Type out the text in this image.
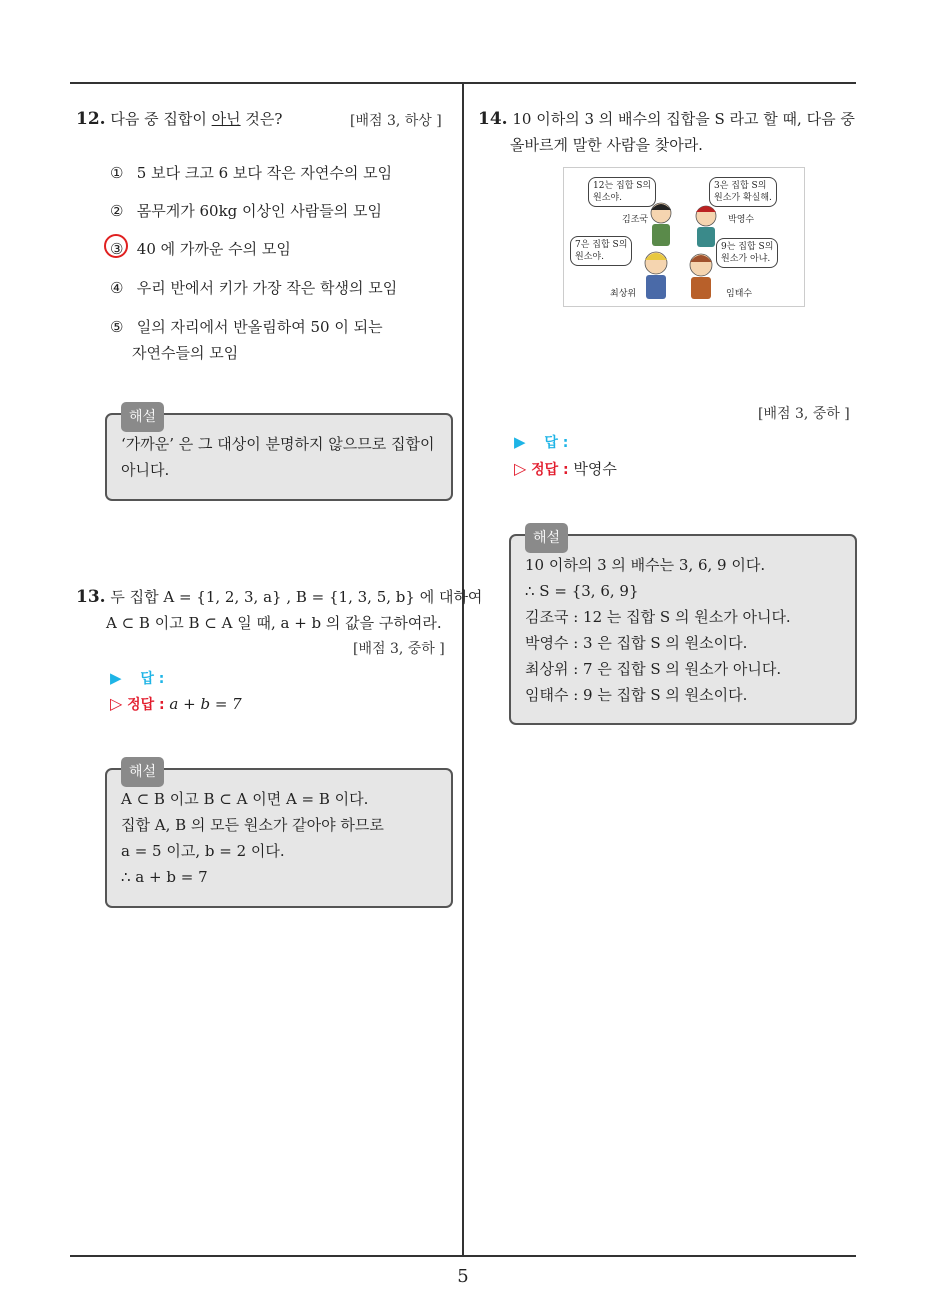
5
12. 다음 중 집합이 아닌 것은?	[배점 3, 하상 ]
① 5 보다 크고 6 보다 작은 자연수의 모임
② 몸무게가 60kg 이상인 사람들의 모임
③ 40 에 가까운 수의 모임
④ 우리 반에서 키가 가장 작은 학생의 모임
⑤ 일의 자리에서 반올림하여 50 이 되는
자연수들의 모임
해설
‘가까운’ 은 그 대상이 분명하지 않으므로 집합이
아니다.
13. 두 집합 A = {1, 2, 3, a} , B = {1, 3, 5, b} 에 대하여
A ⊂ B 이고 B ⊂ A 일 때, a + b 의 값을 구하여라.
[배점 3, 중하 ]
▶ 답 :
▷ 정답 : a + b = 7
해설
A ⊂ B 이고 B ⊂ A 이면 A = B 이다.
집합 A, B 의 모든 원소가 같아야 하므로
a = 5 이고, b = 2 이다.
∴ a + b = 7
14. 10 이하의 3 의 배수의 집합을 S 라고 할 때, 다음 중
올바르게 말한 사람을 찾아라.
12는 집합 S의
원소야.
3은 집합 S의
원소가 확실해.
7은 집합 S의
원소야.
9는 집합 S의
원소가 아냐.
김조국	박영수
최상위	임태수
[배점 3, 중하 ]
▶ 답 :
▷ 정답 : 박영수
해설
10 이하의 3 의 배수는 3, 6, 9 이다.
∴ S = {3, 6, 9}
김조국 : 12 는 집합 S 의 원소가 아니다.
박영수 : 3 은 집합 S 의 원소이다.
최상위 : 7 은 집합 S 의 원소가 아니다.
임태수 : 9 는 집합 S 의 원소이다.
